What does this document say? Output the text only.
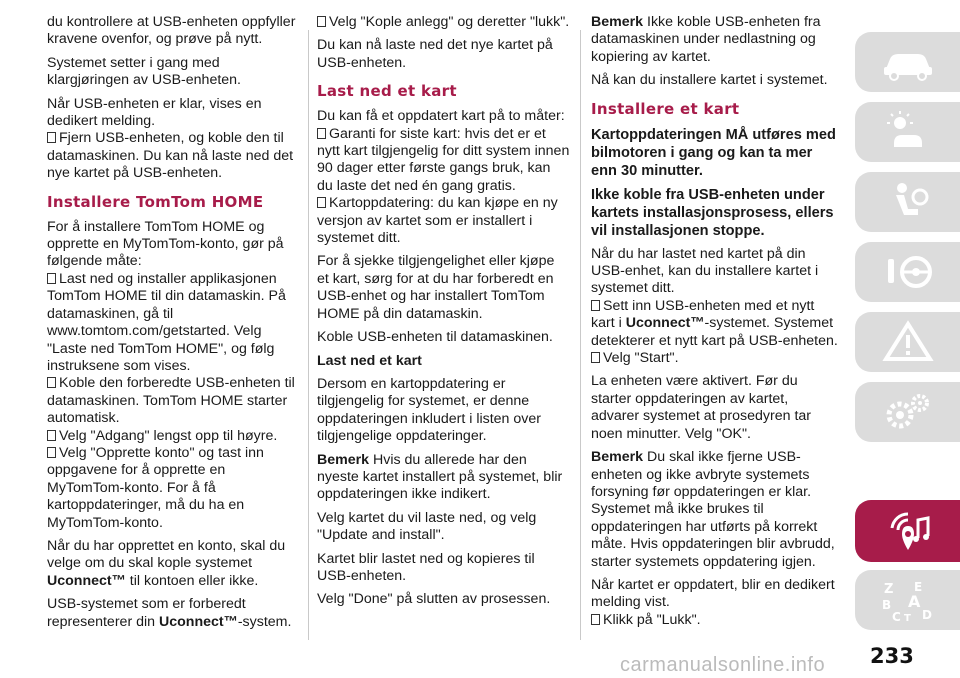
du kontrollere at USB-enheten oppfyller kravene ovenfor, og prøve på nytt.

Systemet setter i gang med klargjøringen av USB-enheten.

Når USB-enheten er klar, vises en dedikert melding.

Fjern USB-enheten, og koble den til datamaskinen. Du kan nå laste ned det nye kartet på USB-enheten.

Installere TomTom HOME

For å installere TomTom HOME og opprette en MyTomTom-konto, gør på følgende måte:

Last ned og installer applikasjonen TomTom HOME til din datamaskin. På datamaskinen, gå til www.tomtom.com/getstarted. Velg "Laste ned TomTom HOME", og følg instruksene som vises.

Koble den forberedte USB-enheten til datamaskinen. TomTom HOME starter automatisk.

Velg "Adgang" lengst opp til høyre.

Velg "Opprette konto" og tast inn oppgavene for å opprette en MyTomTom-konto. For å få kartoppdateringer, må du ha en MyTomTom-konto.

Når du har opprettet en konto, skal du velge om du skal kople systemet Uconnect™ til kontoen eller ikke.

USB-systemet som er forberedt representerer din Uconnect™-system.

Velg "Kople anlegg" og deretter "lukk".

Du kan nå laste ned det nye kartet på USB-enheten.

Last ned et kart

Du kan få et oppdatert kart på to måter:

Garanti for siste kart: hvis det er et nytt kart tilgjengelig for ditt system innen 90 dager etter første gangs bruk, kan du laste det ned én gang gratis.

Kartoppdatering: du kan kjøpe en ny versjon av kartet som er installert i systemet ditt.

For å sjekke tilgjengelighet eller kjøpe et kart, sørg for at du har forberedt en USB-enhet og har installert TomTom HOME på din datamaskin.

Koble USB-enheten til datamaskinen.

Last ned et kart

Dersom en kartoppdatering er tilgjengelig for systemet, er denne oppdateringen inkludert i listen over tilgjengelige oppdateringer.

Bemerk Hvis du allerede har den nyeste kartet installert på systemet, blir oppdateringen ikke indikert.

Velg kartet du vil laste ned, og velg "Update and install".

Kartet blir lastet ned og kopieres til USB-enheten.

Velg "Done" på slutten av prosessen.

Bemerk Ikke koble USB-enheten fra datamaskinen under nedlastning og kopiering av kartet.

Nå kan du installere kartet i systemet.

Installere et kart

Kartoppdateringen MÅ utføres med bilmotoren i gang og kan ta mer enn 30 minutter.

Ikke koble fra USB-enheten under kartets installasjonsprosess, ellers vil installasjonen stoppe.

Når du har lastet ned kartet på din USB-enhet, kan du installere kartet i systemet ditt.

Sett inn USB-enheten med et nytt kart i Uconnect™-systemet. Systemet detekterer et nytt kart på USB-enheten.

Velg "Start".

La enheten være aktivert. Før du starter oppdateringen av kartet, advarer systemet at prosedyren tar noen minutter. Velg "OK".

Bemerk Du skal ikke fjerne USB-enheten og ikke avbryte systemets forsyning før oppdateringen er klar. Systemet må ikke brukes til oppdateringen har utførts på korrekt måte. Hvis oppdateringen blir avbrudd, starter systemets oppdatering igjen.

Når kartet er oppdatert, blir en dedikert melding vist.

Klikk på "Lukk".

Z E
B A
C T D
233
carmanualsonline.info
